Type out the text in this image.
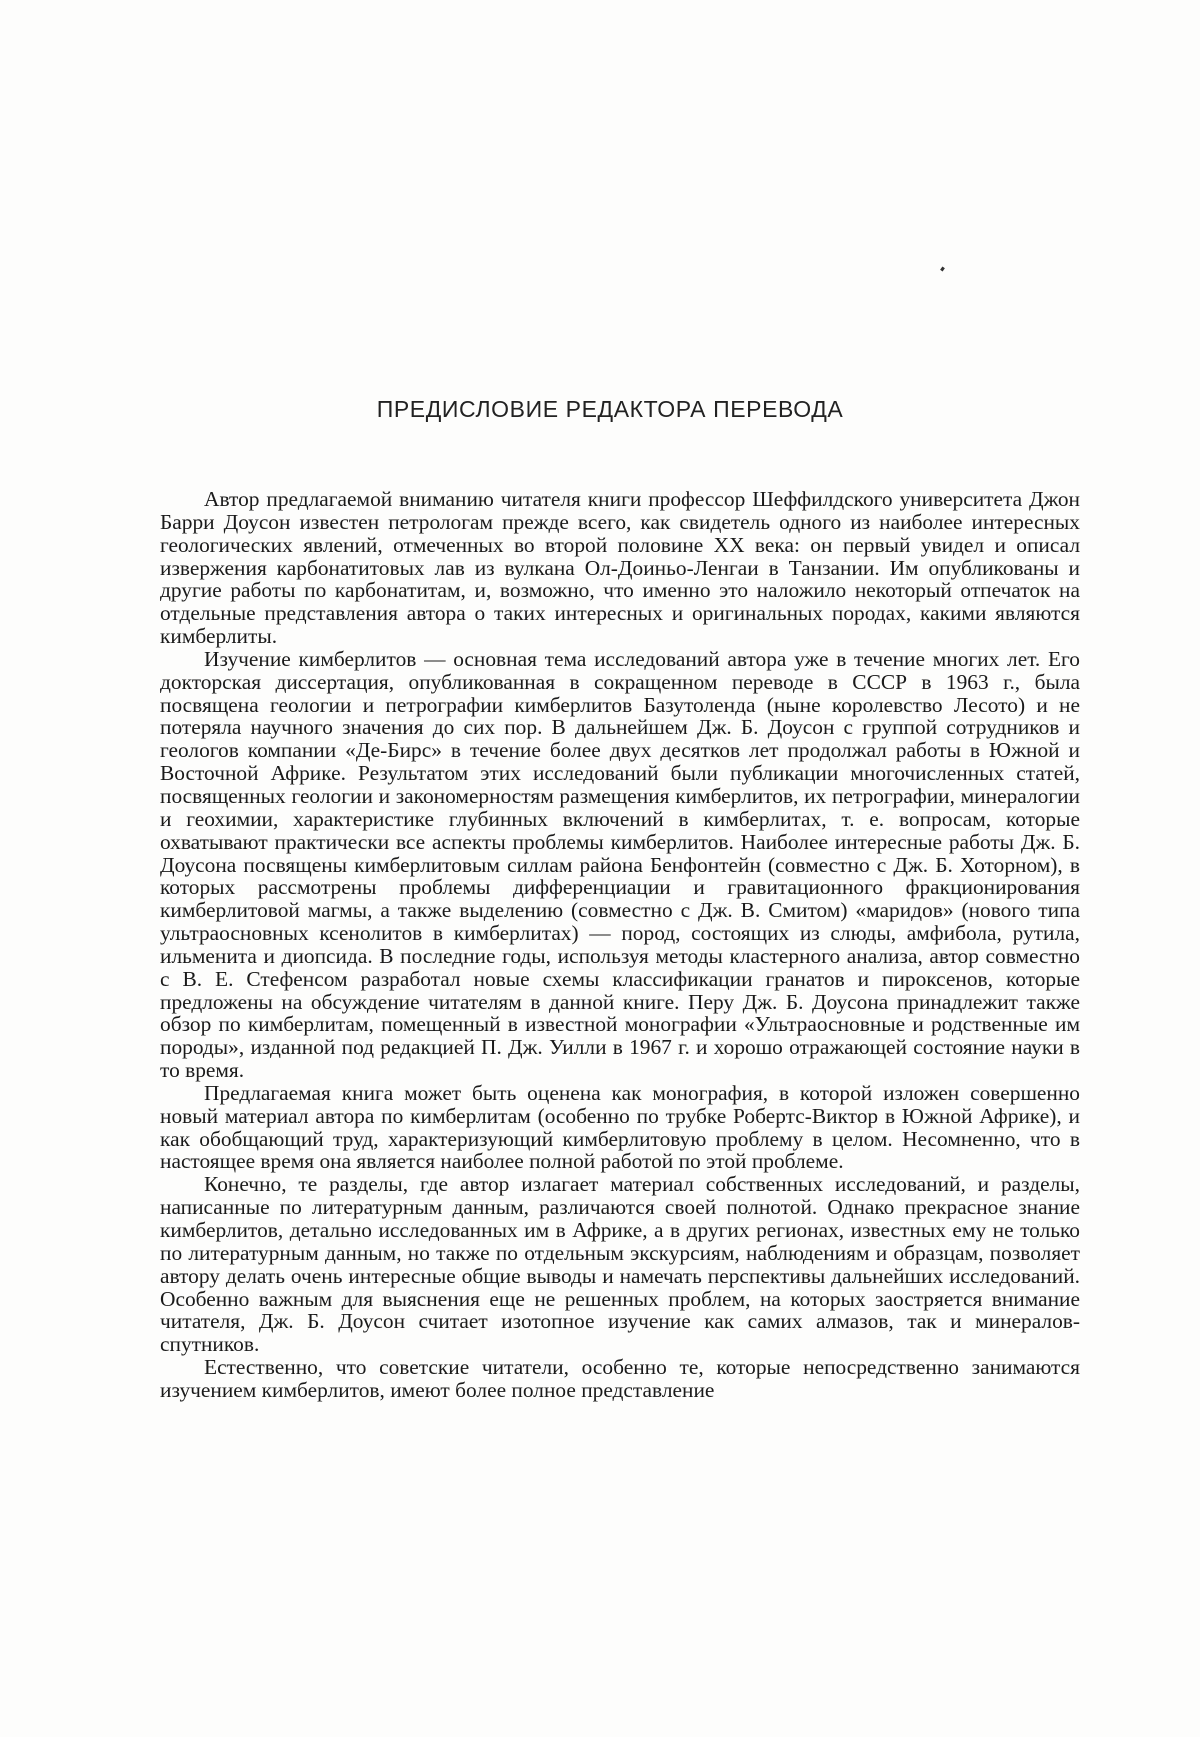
ПРЕДИСЛОВИЕ РЕДАКТОРА ПЕРЕВОДА

Автор предлагаемой вниманию читателя книги профессор Шеффилдского университета Джон Барри Доусон известен петрологам прежде всего, как свидетель одного из наиболее интересных геологических явлений, отмеченных во второй половине XX века: он первый увидел и описал извержения карбонатитовых лав из вулкана Ол-Доиньо-Ленгаи в Танзании. Им опубликованы и другие работы по карбонатитам, и, возможно, что именно это наложило некоторый отпечаток на отдельные представления автора о таких интересных и оригинальных породах, какими являются кимберлиты.

Изучение кимберлитов — основная тема исследований автора уже в течение многих лет. Его докторская диссертация, опубликованная в сокращенном переводе в СССР в 1963 г., была посвящена геологии и петрографии кимберлитов Базутоленда (ныне королевство Лесото) и не потеряла научного значения до сих пор. В дальнейшем Дж. Б. Доусон с группой сотрудников и геологов компании «Де-Бирс» в течение более двух десятков лет продолжал работы в Южной и Восточной Африке. Результатом этих исследований были публикации многочисленных статей, посвященных геологии и закономерностям размещения кимберлитов, их петрографии, минералогии и геохимии, характеристике глубинных включений в кимберлитах, т. е. вопросам, которые охватывают практически все аспекты проблемы кимберлитов. Наиболее интересные работы Дж. Б. Доусона посвящены кимберлитовым силлам района Бенфонтейн (совместно с Дж. Б. Хоторном), в которых рассмотрены проблемы дифференциации и гравитационного фракционирования кимберлитовой магмы, а также выделению (совместно с Дж. В. Смитом) «маридов» (нового типа ультраосновных ксенолитов в кимберлитах) — пород, состоящих из слюды, амфибола, рутила, ильменита и диопсида. В последние годы, используя методы кластерного анализа, автор совместно с В. Е. Стефенсом разработал новые схемы классификации гранатов и пироксенов, которые предложены на обсуждение читателям в данной книге. Перу Дж. Б. Доусона принадлежит также обзор по кимберлитам, помещенный в известной монографии «Ультраосновные и родственные им породы», изданной под редакцией П. Дж. Уилли в 1967 г. и хорошо отражающей состояние науки в то время.

Предлагаемая книга может быть оценена как монография, в которой изложен совершенно новый материал автора по кимберлитам (особенно по трубке Робертс-Виктор в Южной Африке), и как обобщающий труд, характеризующий кимберлитовую проблему в целом. Несомненно, что в настоящее время она является наиболее полной работой по этой проблеме.

Конечно, те разделы, где автор излагает материал собственных исследований, и разделы, написанные по литературным данным, различаются своей полнотой. Однако прекрасное знание кимберлитов, детально исследованных им в Африке, а в других регионах, известных ему не только по литературным данным, но также по отдельным экскурсиям, наблюдениям и образцам, позволяет автору делать очень интересные общие выводы и намечать перспективы дальнейших исследований. Особенно важным для выяснения еще не решенных проблем, на которых заостряется внимание читателя, Дж. Б. Доусон считает изотопное изучение как самих алмазов, так и минералов-спутников.

Естественно, что советские читатели, особенно те, которые непосредственно занимаются изучением кимберлитов, имеют более полное представление
